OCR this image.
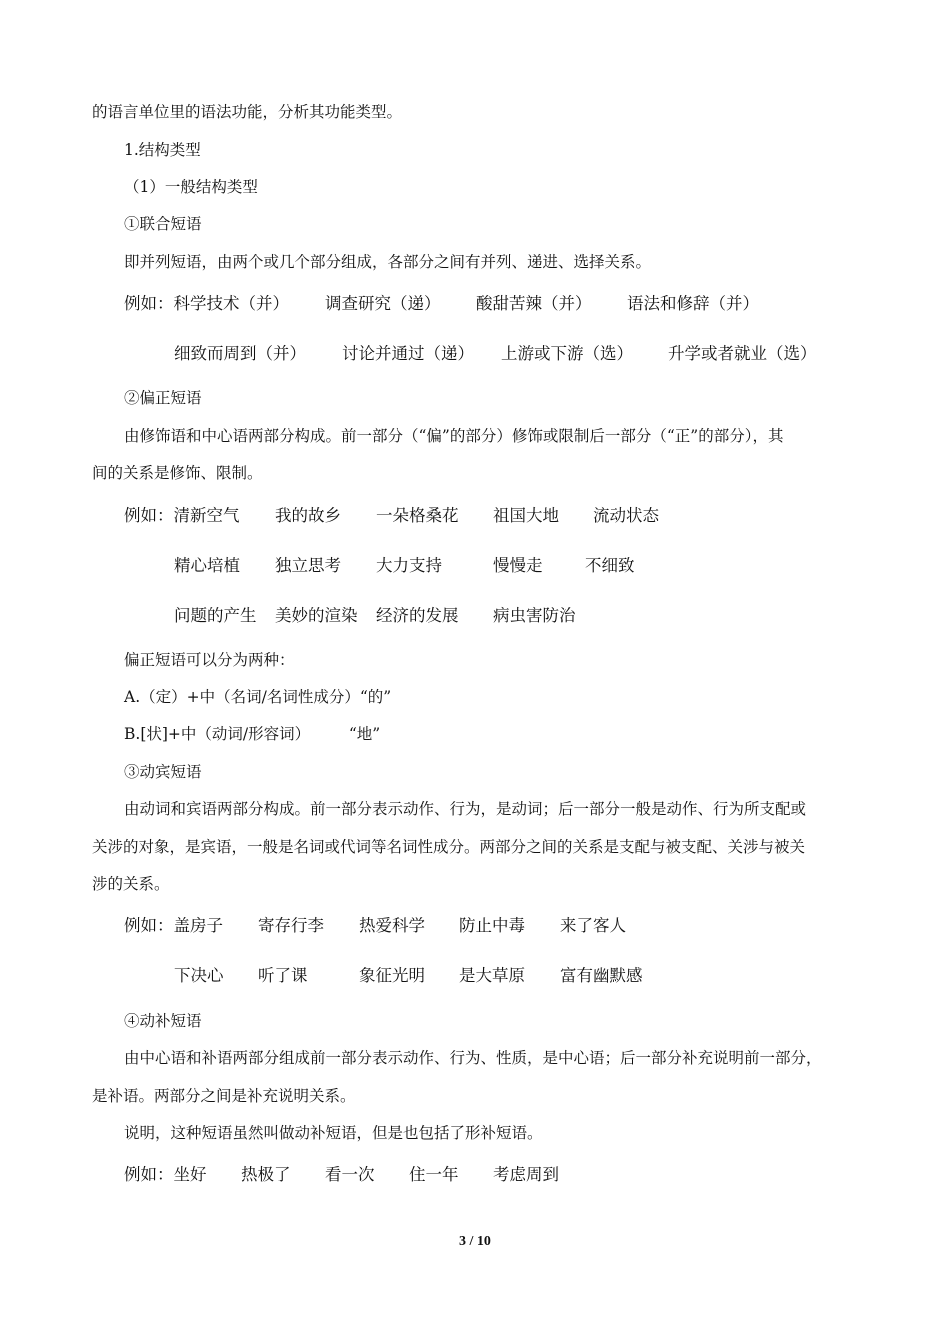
的语言单位里的语法功能，分析其功能类型。
1.结构类型
（1）一般结构类型
①联合短语
即并列短语，由两个或几个部分组成，各部分之间有并列、递进、选择关系。
例如：科学技术（并） 调查研究（递） 酸甜苦辣（并） 语法和修辞（并）
细致而周到（并） 讨论并通过（递） 上游或下游（选） 升学或者就业（选）
②偏正短语
由修饰语和中心语两部分构成。前一部分（“偏”的部分）修饰或限制后一部分（“正”的部分），其
间的关系是修饰、限制。
例如：清新空气 我的故乡 一朵格桑花 祖国大地 流动状态
精心培植 独立思考 大力支持	慢慢走	不细致
问题的产生 美妙的渲染 经济的发展 病虫害防治
偏正短语可以分为两种：
A.（定）+中（名词/名词性成分）“的”
B.[状]+中（动词/形容词）　　　“地”
③动宾短语
由动词和宾语两部分构成。前一部分表示动作、行为，是动词；后一部分一般是动作、行为所支配或
关涉的对象，是宾语，一般是名词或代词等名词性成分。两部分之间的关系是支配与被支配、关涉与被关
涉的关系。
例如：盖房子 寄存行李 热爱科学 防止中毒 来了客人
下决心 听了课	象征光明 是大草原 富有幽默感
④动补短语
由中心语和补语两部分组成前一部分表示动作、行为、性质，是中心语；后一部分补充说明前一部分，
是补语。两部分之间是补充说明关系。
说明，这种短语虽然叫做动补短语，但是也包括了形补短语。
例如：坐好 热极了 看一次 住一年 考虑周到
3 / 10
